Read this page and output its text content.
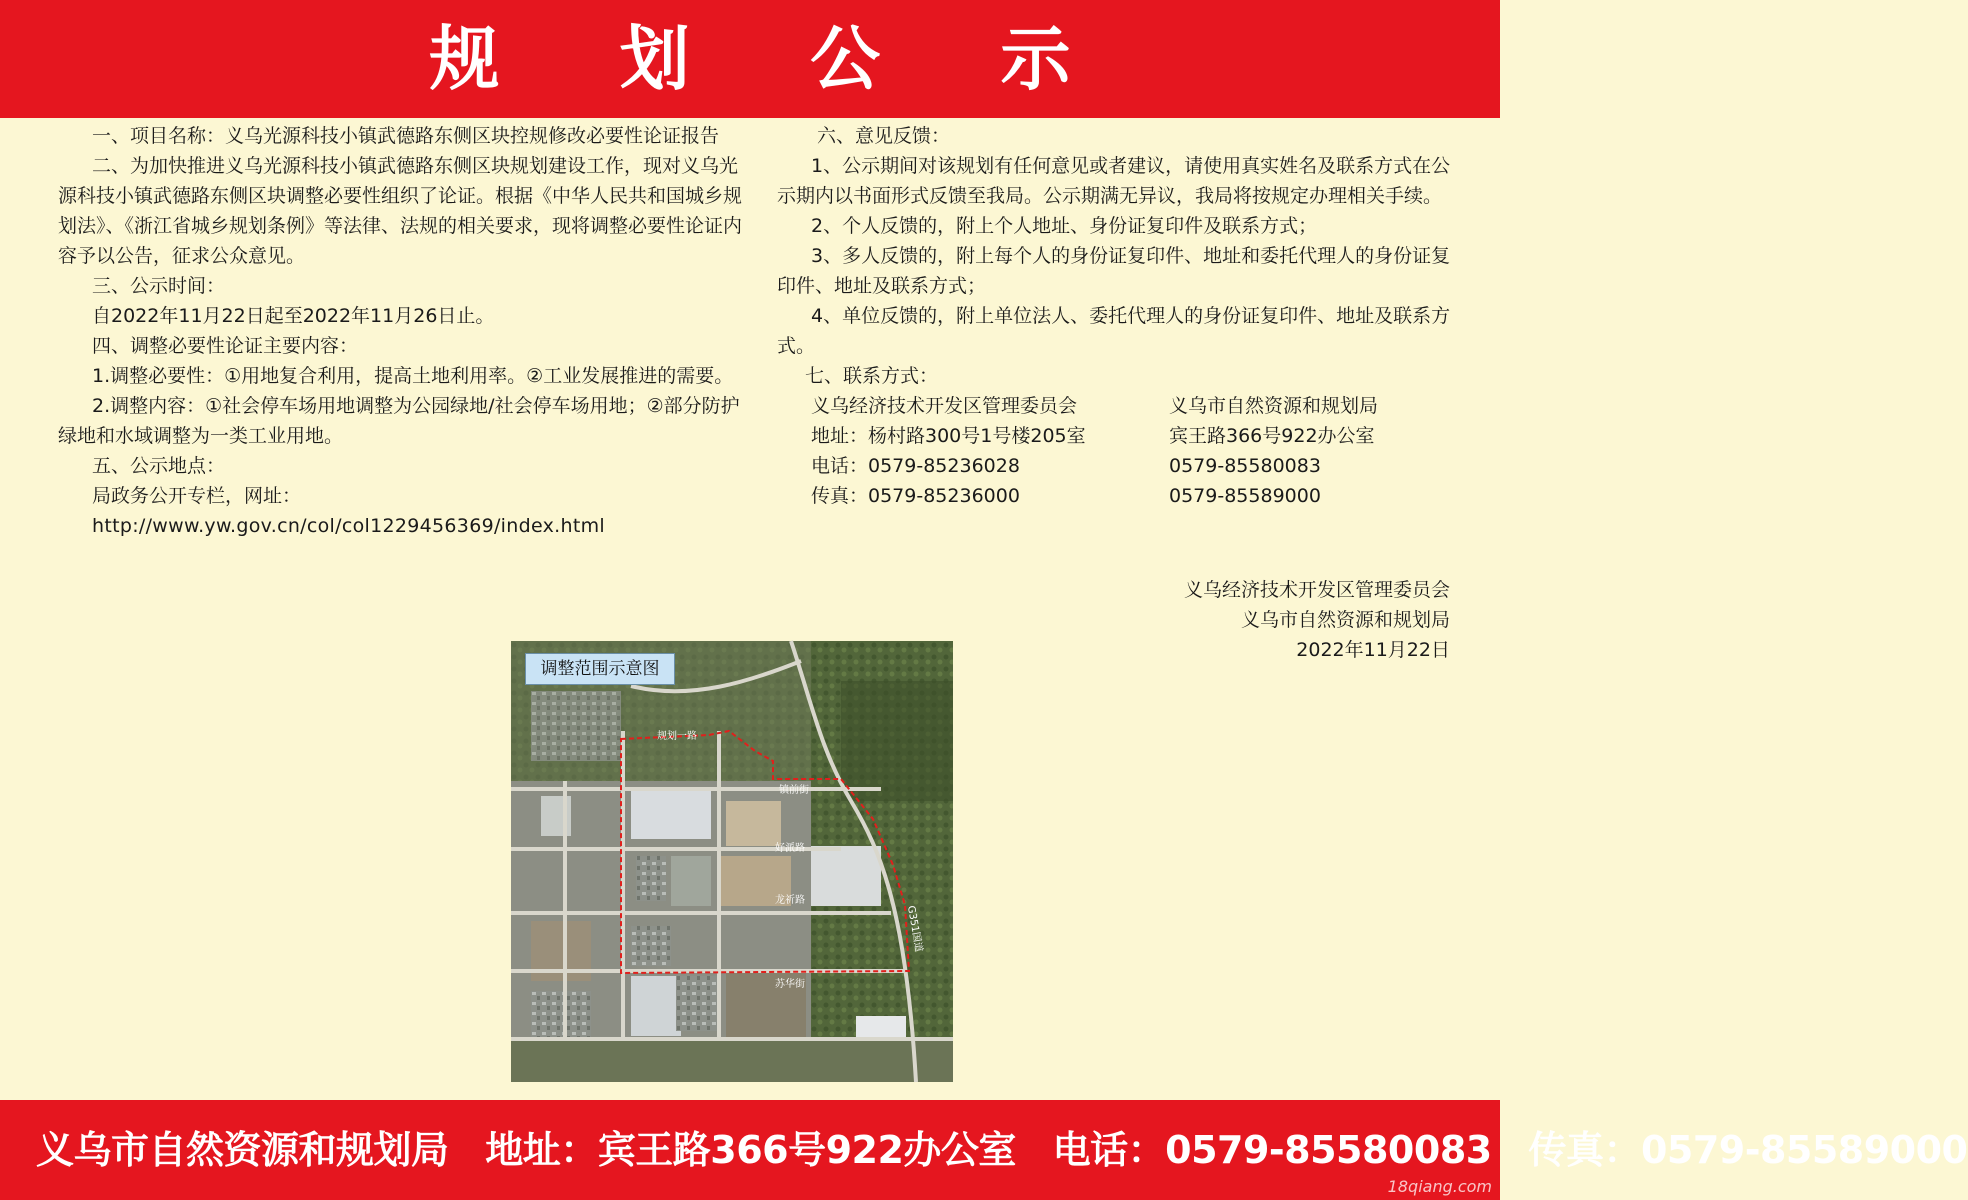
规 划 公 示

一、项目名称：义乌光源科技小镇武德路东侧区块控规修改必要性论证报告

二、为加快推进义乌光源科技小镇武德路东侧区块规划建设工作，现对义乌光源科技小镇武德路东侧区块调整必要性组织了论证。根据《中华人民共和国城乡规划法》、《浙江省城乡规划条例》等法律、法规的相关要求，现将调整必要性论证内容予以公告，征求公众意见。

三、公示时间：

自2022年11月22日起至2022年11月26日止。

四、调整必要性论证主要内容：

1.调整必要性：①用地复合利用，提高土地利用率。②工业发展推进的需要。

2.调整内容：①社会停车场用地调整为公园绿地/社会停车场用地；②部分防护绿地和水域调整为一类工业用地。

五、公示地点：

局政务公开专栏，网址：

http://www.yw.gov.cn/col/col1229456369/index.html

六、意见反馈：

1、公示期间对该规划有任何意见或者建议，请使用真实姓名及联系方式在公示期内以书面形式反馈至我局。公示期满无异议，我局将按规定办理相关手续。

2、个人反馈的，附上个人地址、身份证复印件及联系方式；

3、多人反馈的，附上每个人的身份证复印件、地址和委托代理人的身份证复印件、地址及联系方式；

4、单位反馈的，附上单位法人、委托代理人的身份证复印件、地址及联系方式。

七、联系方式：

义乌经济技术开发区管理委员会	义乌市自然资源和规划局
地址：杨村路300号1号楼205室	宾王路366号922办公室
电话：0579-85236028	0579-85580083
传真：0579-85236000	0579-85589000
义乌经济技术开发区管理委员会
义乌市自然资源和规划局
2022年11月22日
调整范围示意图
规划一路
镇前街
好派路
龙祈路
苏华街
G351国道
义乌市自然资源和规划局 地址：宾王路366号922办公室 电话：0579-85580083 传真：0579-85589000
18qiang.com
